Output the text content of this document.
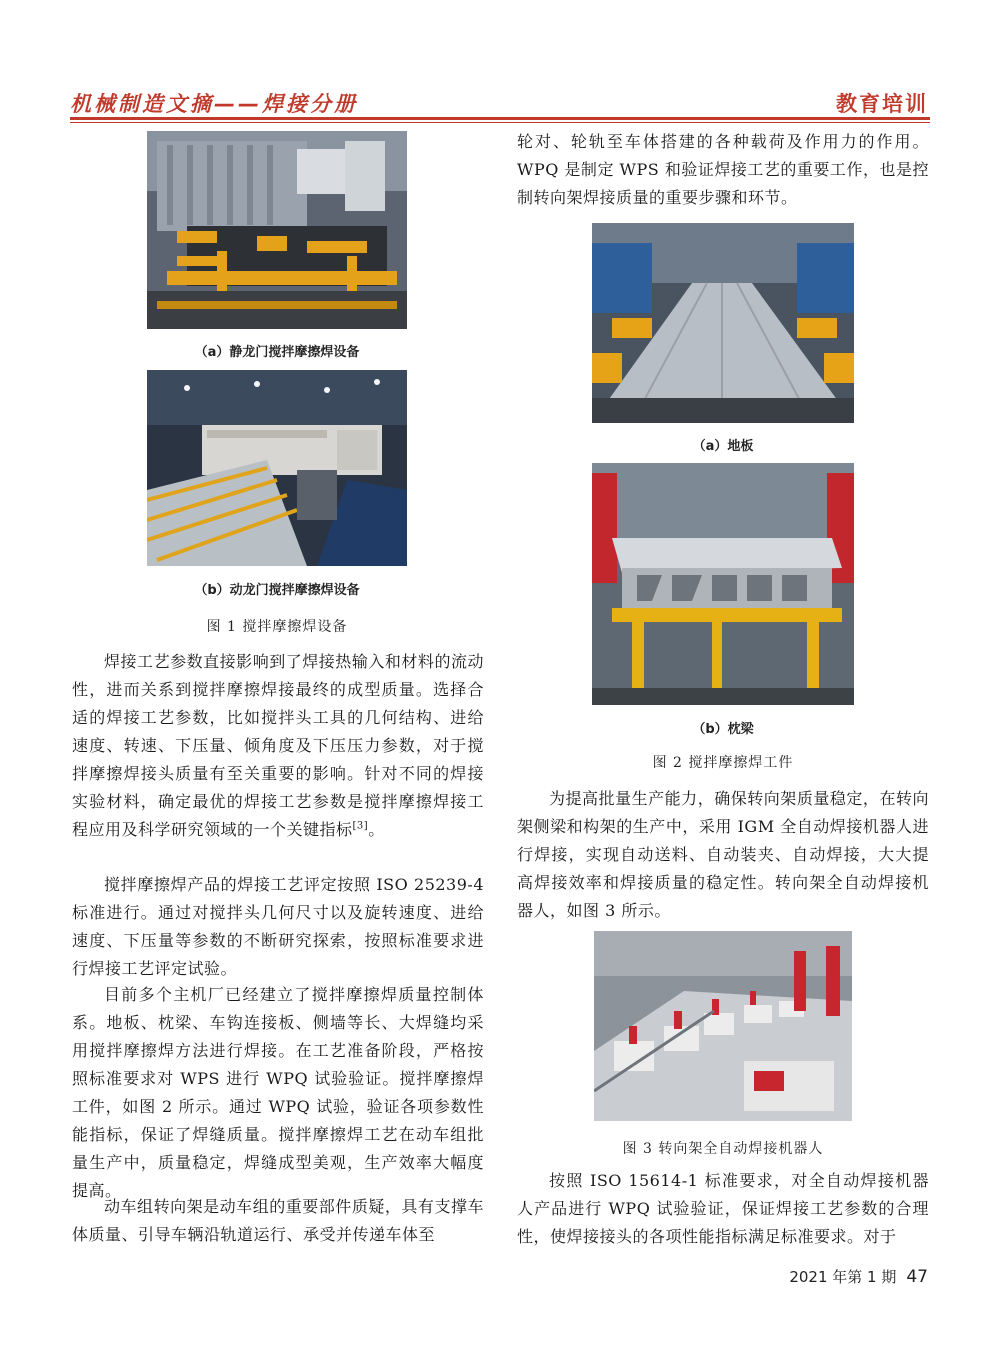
机械制造文摘——焊接分册	教育培训
（a）静龙门搅拌摩擦焊设备
（b）动龙门搅拌摩擦焊设备
图 1 搅拌摩擦焊设备

焊接工艺参数直接影响到了焊接热输入和材料的流动性，进而关系到搅拌摩擦焊接最终的成型质量。选择合适的焊接工艺参数，比如搅拌头工具的几何结构、进给速度、转速、下压量、倾角度及下压压力参数，对于搅拌摩擦焊接头质量有至关重要的影响。针对不同的焊接实验材料，确定最优的焊接工艺参数是搅拌摩擦焊接工程应用及科学研究领域的一个关键指标[3]。

搅拌摩擦焊产品的焊接工艺评定按照 ISO 25239-4 标准进行。通过对搅拌头几何尺寸以及旋转速度、进给速度、下压量等参数的不断研究探索，按照标准要求进行焊接工艺评定试验。

目前多个主机厂已经建立了搅拌摩擦焊质量控制体系。地板、枕梁、车钩连接板、侧墙等长、大焊缝均采用搅拌摩擦焊方法进行焊接。在工艺准备阶段，严格按照标准要求对 WPS 进行 WPQ 试验验证。搅拌摩擦焊工件，如图 2 所示。通过 WPQ 试验，验证各项参数性能指标，保证了焊缝质量。搅拌摩擦焊工艺在动车组批量生产中，质量稳定，焊缝成型美观，生产效率大幅度提高。

动车组转向架是动车组的重要部件质疑，具有支撑车体质量、引导车辆沿轨道运行、承受并传递车体至

轮对、轮轨至车体搭建的各种载荷及作用力的作用。WPQ 是制定 WPS 和验证焊接工艺的重要工作，也是控制转向架焊接质量的重要步骤和环节。

（a）地板
（b）枕梁
图 2 搅拌摩擦焊工件

为提高批量生产能力，确保转向架质量稳定，在转向架侧梁和构架的生产中，采用 IGM 全自动焊接机器人进行焊接，实现自动送料、自动装夹、自动焊接，大大提高焊接效率和焊接质量的稳定性。转向架全自动焊接机器人，如图 3 所示。

图 3 转向架全自动焊接机器人

按照 ISO 15614-1 标准要求，对全自动焊接机器人产品进行 WPQ 试验验证，保证焊接工艺参数的合理性，使焊接接头的各项性能指标满足标准要求。对于

2021 年第 1 期 47
